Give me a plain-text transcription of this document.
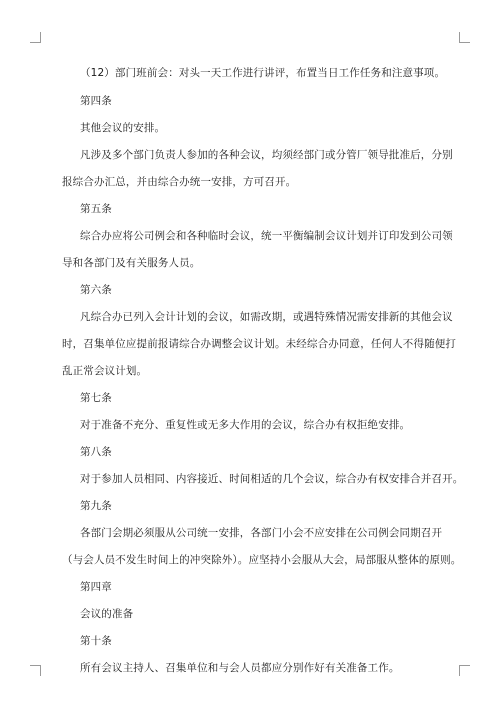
（12）部门班前会：对头一天工作进行讲评，布置当日工作任务和注意事项。
第四条
其他会议的安排。
凡涉及多个部门负责人参加的各种会议，均须经部门或分管厂领导批准后，分别
报综合办汇总，并由综合办统一安排，方可召开。
第五条
综合办应将公司例会和各种临时会议，统一平衡编制会议计划并订印发到公司领
导和各部门及有关服务人员。
第六条
凡综合办已列入会计计划的会议，如需改期，或遇特殊情况需安排新的其他会议
时，召集单位应提前报请综合办调整会议计划。未经综合办同意，任何人不得随便打
乱正常会议计划。
第七条
对于准备不充分、重复性或无多大作用的会议，综合办有权拒绝安排。
第八条
对于参加人员相同、内容接近、时间相适的几个会议，综合办有权安排合并召开。
第九条
各部门会期必须服从公司统一安排，各部门小会不应安排在公司例会同期召开
（与会人员不发生时间上的冲突除外）。应坚持小会服从大会，局部服从整体的原则。
第四章
会议的准备
第十条
所有会议主持人、召集单位和与会人员都应分别作好有关准备工作。
